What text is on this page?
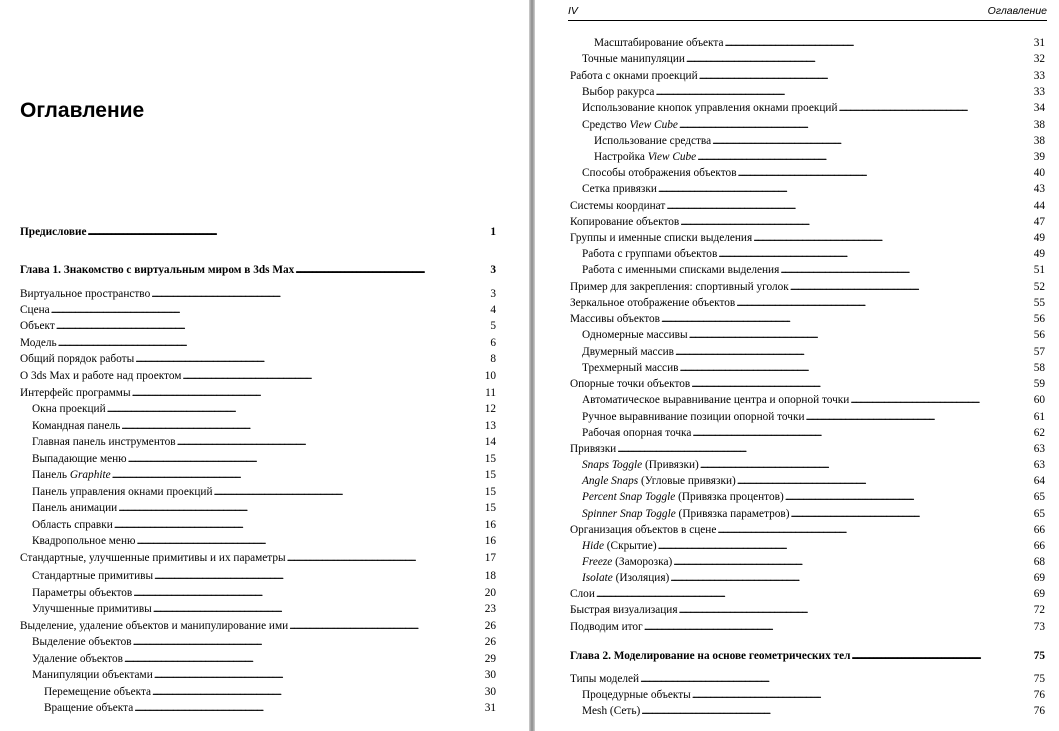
Оглавление
Предисловие . . .	1
Глава 1. Знакомство с виртуальным миром в 3ds Max . . .	3
Виртуальное пространство . . .	3
Сцена . . .	4
Объект . . .	5
Модель . . .	6
Общий порядок работы . . .	8
О 3ds Max и работе над проектом . . .	10
Интерфейс программы . . .	11
Окна проекций . . .	12
Командная панель . . .	13
Главная панель инструментов . . .	14
Выпадающие меню . . .	15
Панель Graphite . . .	15
Панель управления окнами проекций . . .	15
Панель анимации . . .	15
Область справки . . .	16
Квадропольное меню . . .	16
Стандартные, улучшенные примитивы и их параметры . . .	17
Стандартные примитивы . . .	18
Параметры объектов . . .	20
Улучшенные примитивы . . .	23
Выделение, удаление объектов и манипулирование ими . . .	26
Выделение объектов . . .	26
Удаление объектов . . .	29
Манипуляции объектами . . .	30
Перемещение объекта . . .	30
Вращение объекта . . .	31
IV	Оглавление
Масштабирование объекта . . .	31
Точные манипуляции . . .	32
Работа с окнами проекций . . .	33
Выбор ракурса . . .	33
Использование кнопок управления окнами проекций . . .	34
Средство View Cube . . .	38
Использование средства . . .	38
Настройка View Cube . . .	39
Способы отображения объектов . . .	40
Сетка привязки . . .	43
Системы координат . . .	44
Копирование объектов . . .	47
Группы и именные списки выделения . . .	49
Работа с группами объектов . . .	49
Работа с именными списками выделения . . .	51
Пример для закрепления: спортивный уголок . . .	52
Зеркальное отображение объектов . . .	55
Массивы объектов . . .	56
Одномерные массивы . . .	56
Двумерный массив . . .	57
Трехмерный массив . . .	58
Опорные точки объектов . . .	59
Автоматическое выравнивание центра и опорной точки . . .	60
Ручное выравнивание позиции опорной точки . . .	61
Рабочая опорная точка . . .	62
Привязки . . .	63
Snaps Toggle (Привязки) . . .	63
Angle Snaps (Угловые привязки) . . .	64
Percent Snap Toggle (Привязка процентов) . . .	65
Spinner Snap Toggle (Привязка параметров) . . .	65
Организация объектов в сцене . . .	66
Hide (Скрытие) . . .	66
Freeze (Заморозка) . . .	68
Isolate (Изоляция) . . .	69
Слои . . .	69
Быстрая визуализация . . .	72
Подводим итог . . .	73
Глава 2. Моделирование на основе геометрических тел . . .	75
Типы моделей . . .	75
Процедурные объекты . . .	76
Mesh (Сеть) . . .	76
